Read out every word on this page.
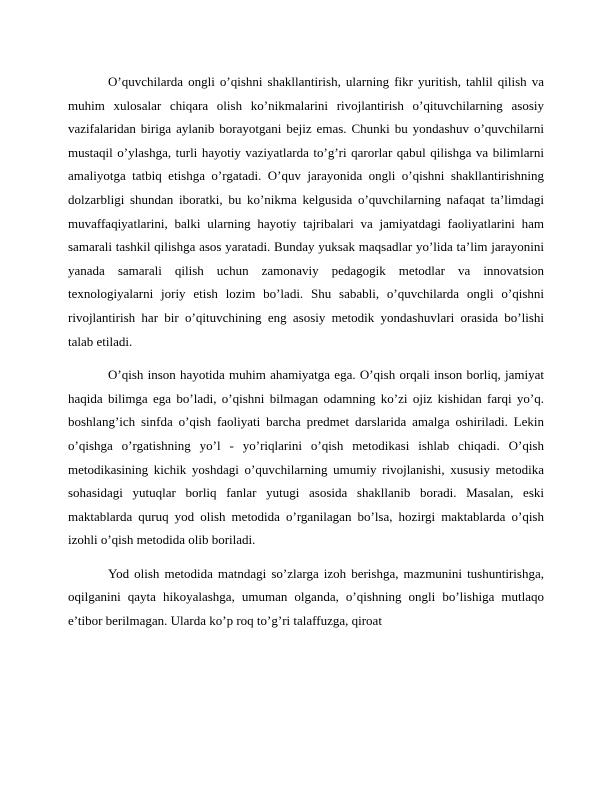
O’quvchilarda ongli o’qishni shakllantirish, ularning fikr yuritish, tahlil qilish va muhim xulosalar chiqara olish ko’nikmalarini rivojlantirish o’qituvchilarning asosiy vazifalaridan biriga aylanib borayotgani bejiz emas. Chunki bu yondashuv o’quvchilarni mustaqil o’ylashga, turli hayotiy vaziyatlarda to’g’ri qarorlar qabul qilishga va bilimlarni amaliyotga tatbiq etishga o’rgatadi. O’quv jarayonida ongli o’qishni shakllantirishning dolzarbligi shundan iboratki, bu ko’nikma kelgusida o’quvchilarning nafaqat ta’limdagi muvaffaqiyatlarini, balki ularning hayotiy tajribalari va jamiyatdagi faoliyatlarini ham samarali tashkil qilishga asos yaratadi. Bunday yuksak maqsadlar yo’lida ta’lim jarayonini yanada samarali qilish uchun zamonaviy pedagogik metodlar va innovatsion texnologiyalarni joriy etish lozim bo’ladi. Shu sababli, o’quvchilarda ongli o’qishni rivojlantirish har bir o’qituvchining eng asosiy metodik yondashuvlari orasida bo’lishi talab etiladi.

O’qish inson hayotida muhim ahamiyatga ega. O’qish orqali inson borliq, jamiyat haqida bilimga ega bo’ladi, o’qishni bilmagan odamning ko’zi ojiz kishidan farqi yo’q. boshlang’ich sinfda o’qish faoliyati barcha predmet darslarida amalga oshiriladi. Lekin o’qishga o’rgatishning yo’l - yo’riqlarini o’qish metodikasi ishlab chiqadi. O’qish metodikasining kichik yoshdagi o’quvchilarning umumiy rivojlanishi, xususiy metodika sohasidagi yutuqlar borliq fanlar yutugi asosida shakllanib boradi. Masalan, eski maktablarda quruq yod olish metodida o’rganilagan bo’lsa, hozirgi maktablarda o’qish izohli o’qish metodida olib boriladi.

Yod olish metodida matndagi so’zlarga izoh berishga, mazmunini tushuntirishga, oqilganini qayta hikoyalashga, umuman olganda, o’qishning ongli bo’lishiga mutlaqo e’tibor berilmagan. Ularda ko’p roq to’g’ri talaffuzga, qiroat
